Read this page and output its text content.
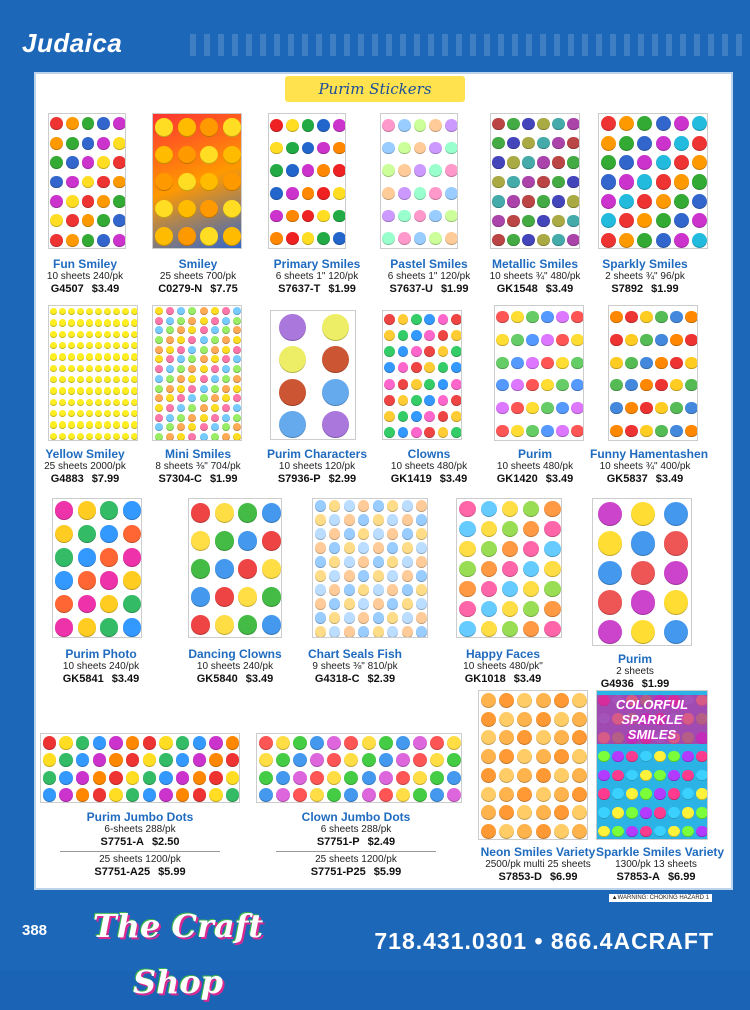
Judaica
Purim Stickers
Fun Smiley
10 sheets 240/pk
G4507 $3.49
Smiley
25 sheets 700/pk
C0279-N $7.75
Primary Smiles
6 sheets 1" 120/pk
S7637-T $1.99
Pastel Smiles
6 sheets 1" 120/pk
S7637-U $1.99
Metallic Smiles
10 sheets ¾" 480/pk
GK1548 $3.49
Sparkly Smiles
2 sheets ¾" 96/pk
S7892 $1.99
Yellow Smiley
25 sheets 2000/pk
G4883 $7.99
Mini Smiles
8 sheets ⅜" 704/pk
S7304-C $1.99
Purim Characters
10 sheets 120/pk
S7936-P $2.99
Clowns
10 sheets 480/pk
GK1419 $3.49
Purim
10 sheets 480/pk
GK1420 $3.49
Funny Hamentashen
10 sheets ¾" 400/pk
GK5837 $3.49
Purim Photo
10 sheets 240/pk
GK5841 $3.49
Dancing Clowns
10 sheets 240/pk
GK5840 $3.49
Chart Seals Fish
9 sheets ⅜" 810/pk
G4318-C $2.39
Happy Faces
10 sheets 480/pk"
GK1018 $3.49
Purim
2 sheets
G4936 $1.99
Purim Jumbo Dots
6-sheets 288/pk
S7751-A $2.50
25 sheets 1200/pk
S7751-A25 $5.99
Clown Jumbo Dots
6 sheets 288/pk
S7751-P $2.49
25 sheets 1200/pk
S7751-P25 $5.99
Neon Smiles Variety
2500/pk multi 25 sheets
S7853-D $6.99
COLORFUL SPARKLE SMILES
Sparkle Smiles Variety
1300/pk 13 sheets
S7853-A $6.99
▲WARNING: CHOKING HAZARD 1
388 The Craft Shop
718.431.0301 • 866.4ACRAFT
